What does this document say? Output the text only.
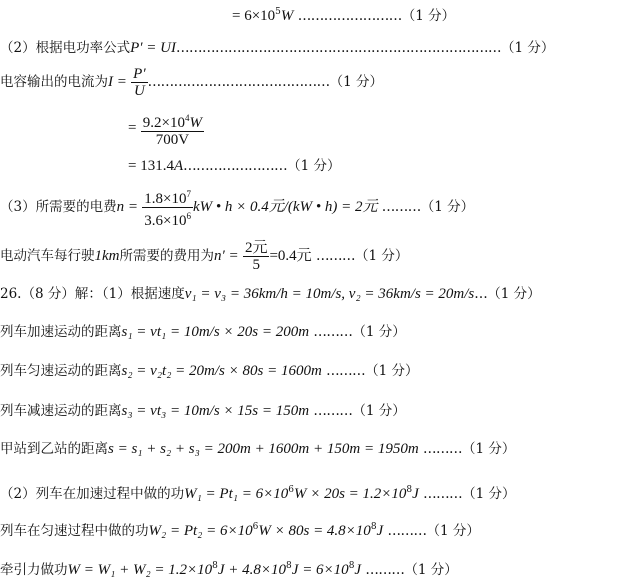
= $6\times 10^5W$ ……………………（1 分）
（2）根据电功率公式P′ = UI…………………………………………………………………（1 分）
电容输出的电流为$I = \frac{P'}{U}$ ……………………………………（1 分）
= $\frac{9.2\times 10^4W}{700V}$
= 131.4A……………………（1 分）
（3）所需要的电费$n = \frac{1.8\times 10^7}{3.6\times 10^6}$ kW • h × 0.4元/(kW • h) = 2元 ………（1 分）
电动汽车每行驶1km所需要的费用为$n' = \frac{\text{2元}}{5} =0.4$元 ………（1 分）
26.（8 分）解：（1）根据速度v₁ = v₃ = 36km/h = 10m/s, v₂ = 36km/s = 20m/s…（1 分）
列车加速运动的距离s₁ = vt₁ = 10m/s × 20s = 200m ………（1 分）
列车匀速运动的距离s₂ = v₂t₂ = 20m/s × 80s = 1600m ………（1 分）
列车减速运动的距离s₃ = vt₃ = 10m/s × 15s = 150m ………（1 分）
甲站到乙站的距离s = s₁ + s₂ + s₃ = 200m + 1600m + 150m = 1950m ………（1 分）
（2）列车在加速过程中做的功$W_1 = Pt_1 = 6\times 10^6W \times 20s = 1.2\times 10^8J$ ………（1 分）
列车在匀速过程中做的功$W_2 = Pt_2 = 6\times 10^6W \times 80s = 4.8\times 10^8J$ ………（1 分）
牵引力做功$W = W_1 + W_2 = 1.2\times 10^8J + 4.8\times 10^8J = 6\times 10^8J$ ………（1 分）
